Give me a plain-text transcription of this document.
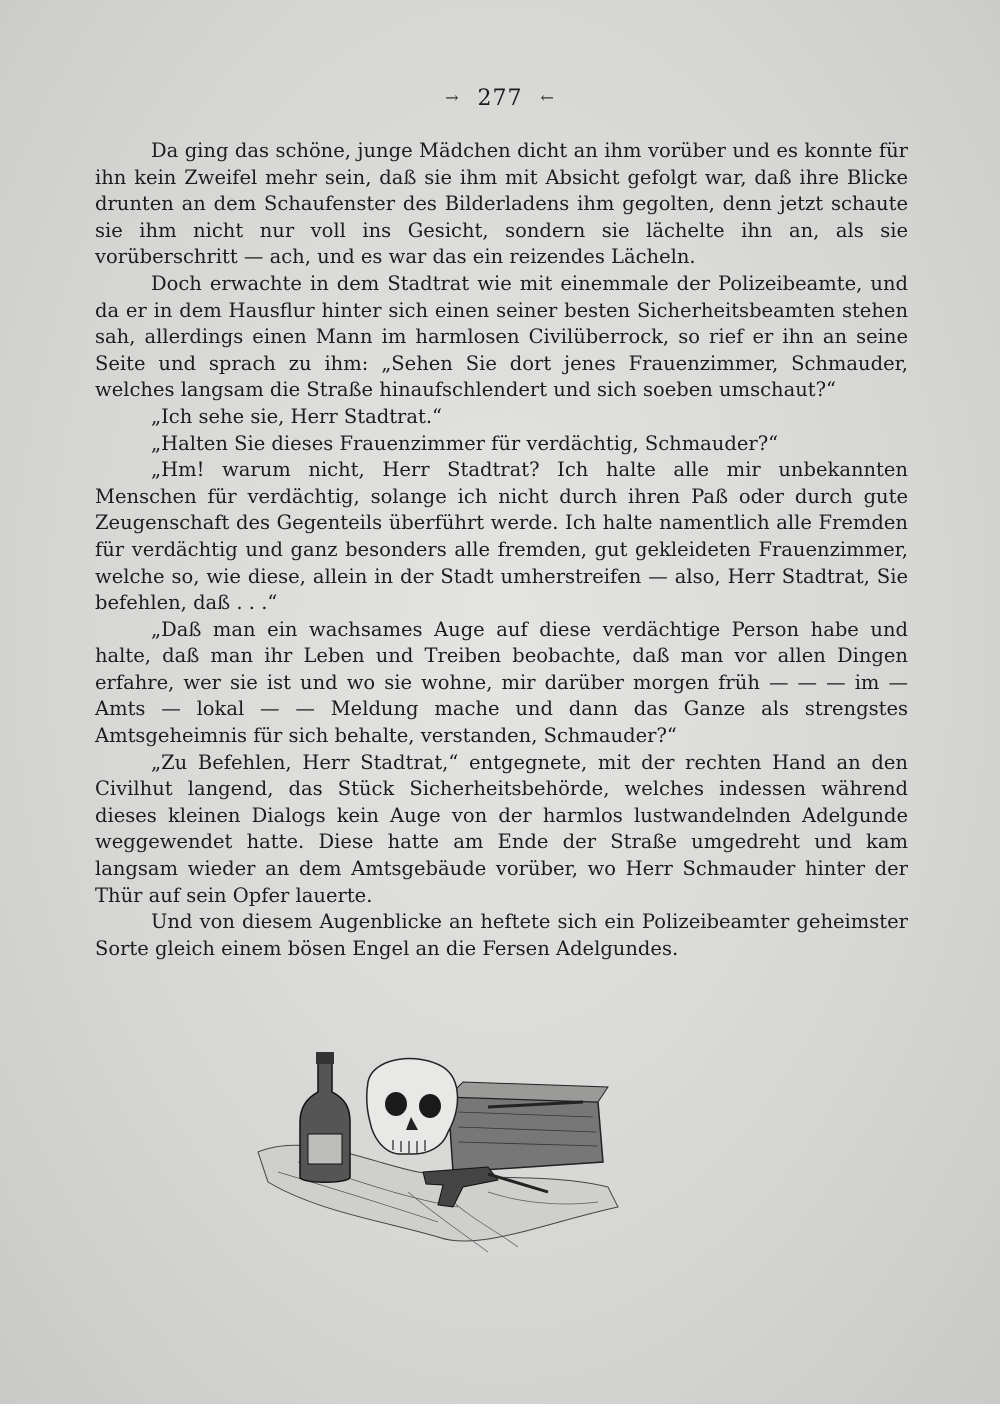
→ 277 ←

Da ging das schöne, junge Mädchen dicht an ihm vorüber und es konnte für ihn kein Zweifel mehr sein, daß sie ihm mit Absicht gefolgt war, daß ihre Blicke drunten an dem Schaufenster des Bilderladens ihm gegolten, denn jetzt schaute sie ihm nicht nur voll ins Gesicht, sondern sie lächelte ihn an, als sie vorüberschritt — ach, und es war das ein reizendes Lächeln.

Doch erwachte in dem Stadtrat wie mit einemmale der Polizeibeamte, und da er in dem Hausflur hinter sich einen seiner besten Sicherheitsbeamten stehen sah, allerdings einen Mann im harmlosen Civilüberrock, so rief er ihn an seine Seite und sprach zu ihm: „Sehen Sie dort jenes Frauenzimmer, Schmauder, welches langsam die Straße hinaufschlendert und sich soeben umschaut?“

„Ich sehe sie, Herr Stadtrat.“

„Halten Sie dieses Frauenzimmer für verdächtig, Schmauder?“

„Hm! warum nicht, Herr Stadtrat? Ich halte alle mir unbekannten Menschen für verdächtig, solange ich nicht durch ihren Paß oder durch gute Zeugenschaft des Gegenteils überführt werde. Ich halte namentlich alle Fremden für verdächtig und ganz besonders alle fremden, gut gekleideten Frauenzimmer, welche so, wie diese, allein in der Stadt umherstreifen — also, Herr Stadtrat, Sie befehlen, daß . . .“

„Daß man ein wachsames Auge auf diese verdächtige Person habe und halte, daß man ihr Leben und Treiben beobachte, daß man vor allen Dingen erfahre, wer sie ist und wo sie wohne, mir darüber morgen früh — — — im — Amts — lokal — — Meldung mache und dann das Ganze als strengstes Amtsgeheimnis für sich behalte, verstanden, Schmauder?“

„Zu Befehlen, Herr Stadtrat,“ entgegnete, mit der rechten Hand an den Civilhut langend, das Stück Sicherheitsbehörde, welches indessen während dieses kleinen Dialogs kein Auge von der harmlos lustwandelnden Adelgunde weggewendet hatte. Diese hatte am Ende der Straße umgedreht und kam langsam wieder an dem Amtsgebäude vorüber, wo Herr Schmauder hinter der Thür auf sein Opfer lauerte.

Und von diesem Augenblicke an heftete sich ein Polizeibeamter geheimster Sorte gleich einem bösen Engel an die Fersen Adelgundes.
